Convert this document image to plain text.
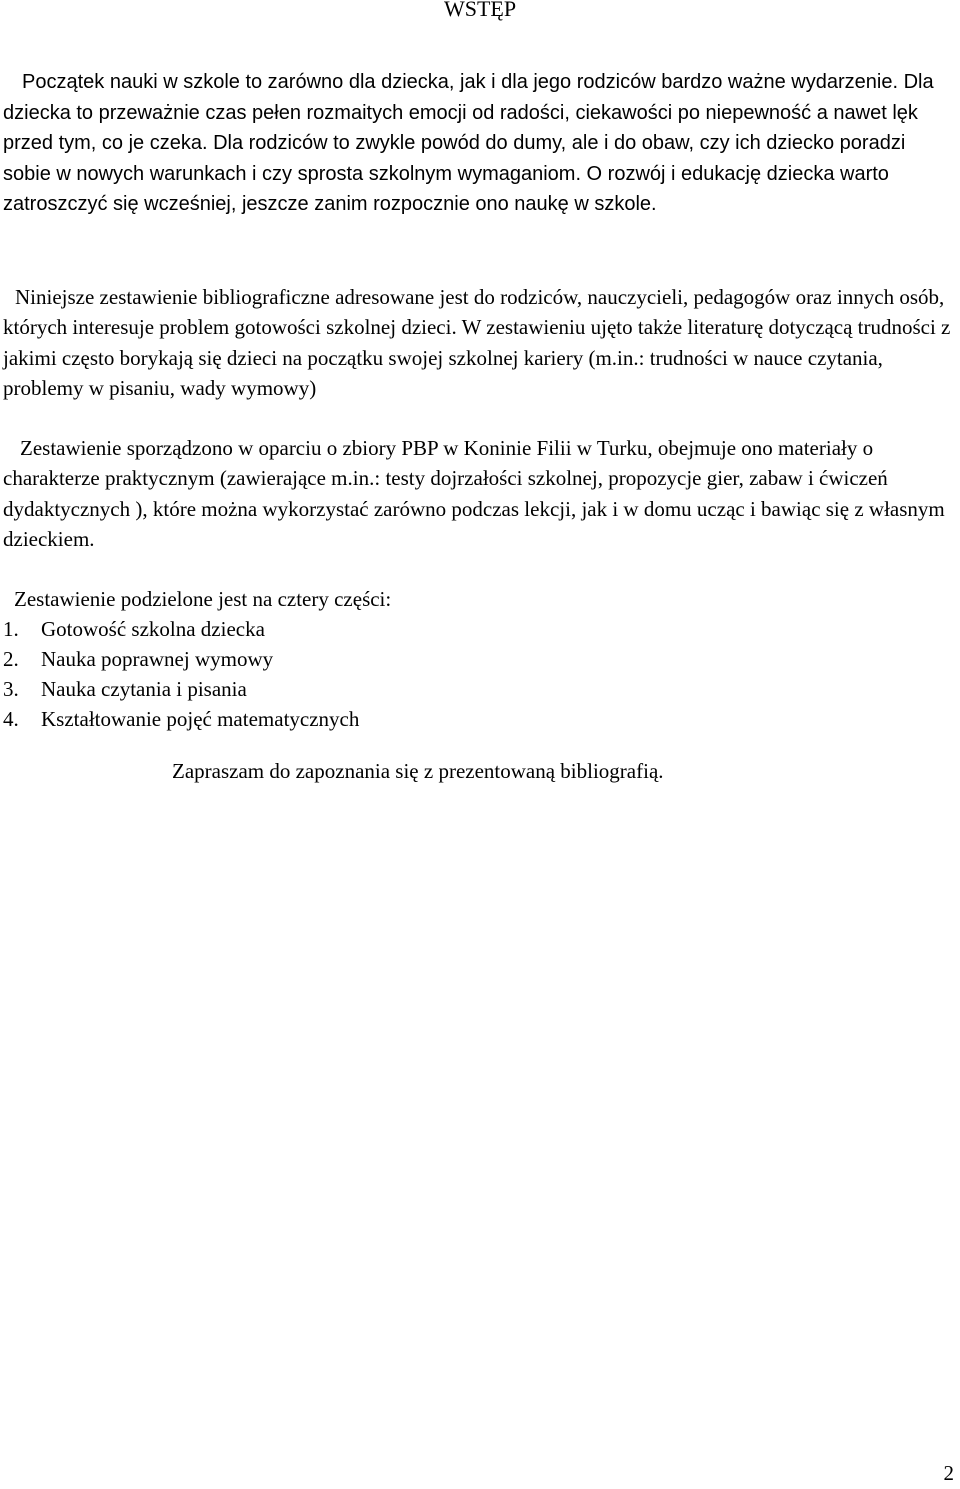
WSTĘP

Początek nauki w szkole to zarówno dla dziecka, jak i dla jego rodziców bardzo ważne wydarzenie. Dla dziecka to przeważnie czas pełen rozmaitych emocji od radości, ciekawości po niepewność a nawet lęk przed tym, co je czeka. Dla rodziców to zwykle powód do dumy, ale i do obaw, czy ich dziecko poradzi sobie w nowych warunkach i czy sprosta szkolnym wymaganiom. O rozwój i edukację dziecka warto zatroszczyć się wcześniej, jeszcze zanim rozpocznie ono naukę w szkole.

Niniejsze zestawienie bibliograficzne adresowane jest do rodziców, nauczycieli, pedagogów oraz innych osób, których interesuje problem gotowości szkolnej dzieci. W zestawieniu ujęto także literaturę dotyczącą trudności z jakimi często borykają się dzieci na początku swojej szkolnej kariery (m.in.: trudności w nauce czytania, problemy w pisaniu, wady wymowy)

Zestawienie sporządzono w oparciu o zbiory PBP w Koninie Filii w Turku, obejmuje ono materiały o charakterze praktycznym (zawierające m.in.: testy dojrzałości szkolnej, propozycje gier, zabaw i ćwiczeń dydaktycznych ), które można wykorzystać zarówno podczas lekcji, jak i w domu ucząc i bawiąc się z własnym dzieckiem.

Zestawienie podzielone jest na cztery części:

1.	Gotowość szkolna dziecka
2.	Nauka poprawnej wymowy
3.	Nauka czytania i pisania
4.	Kształtowanie pojęć matematycznych

Zapraszam do zapoznania się z prezentowaną bibliografią.

2
